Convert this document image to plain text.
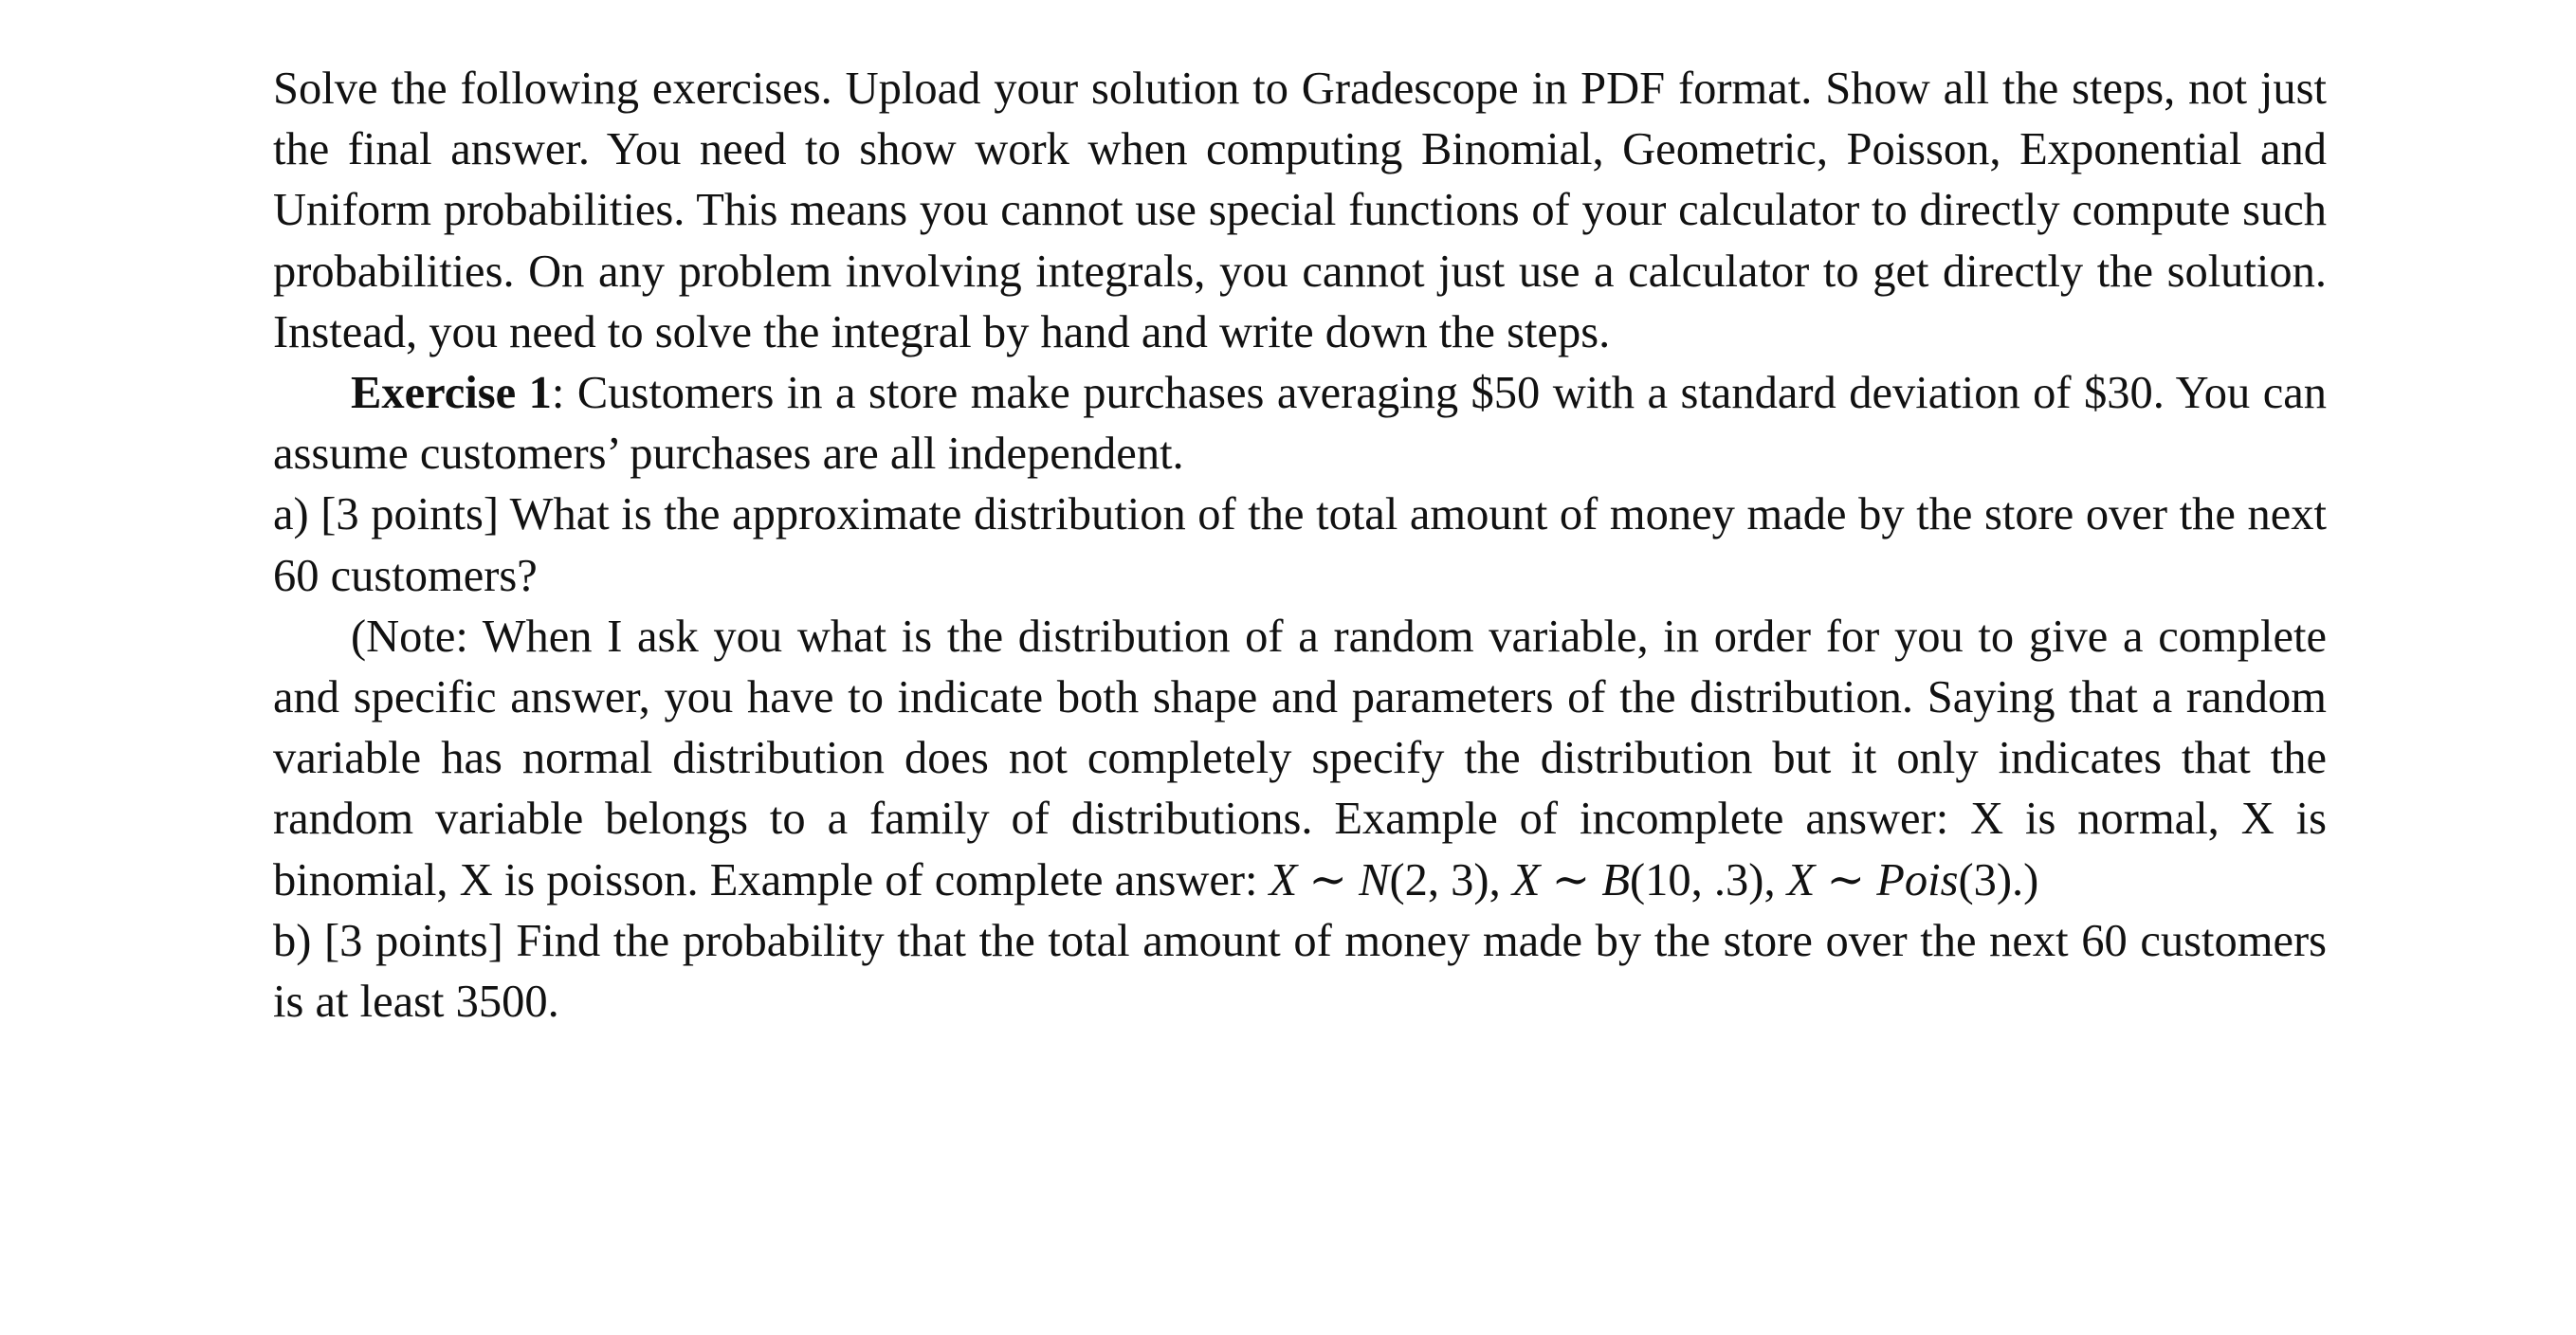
Solve the following exercises. Upload your solution to Gradescope in PDF format. Show all the steps, not just the final answer. You need to show work when computing Binomial, Geometric, Poisson, Exponential and Uniform probabilities. This means you cannot use special functions of your calculator to directly compute such probabilities. On any problem involving integrals, you cannot just use a calculator to get directly the solution. Instead, you need to solve the integral by hand and write down the steps.

Exercise 1: Customers in a store make purchases averaging $50 with a standard deviation of $30. You can assume customers’ purchases are all independent.

a) [3 points] What is the approximate distribution of the total amount of money made by the store over the next 60 customers?

(Note: When I ask you what is the distribution of a random variable, in order for you to give a complete and specific answer, you have to indicate both shape and parameters of the distribution. Saying that a random variable has normal distribution does not completely specify the distribution but it only indicates that the random variable belongs to a family of distributions. Example of incomplete answer: X is normal, X is binomial, X is poisson. Example of complete answer: X ∼ N(2, 3), X ∼ B(10, .3), X ∼ Pois(3).)

b) [3 points] Find the probability that the total amount of money made by the store over the next 60 customers is at least 3500.
